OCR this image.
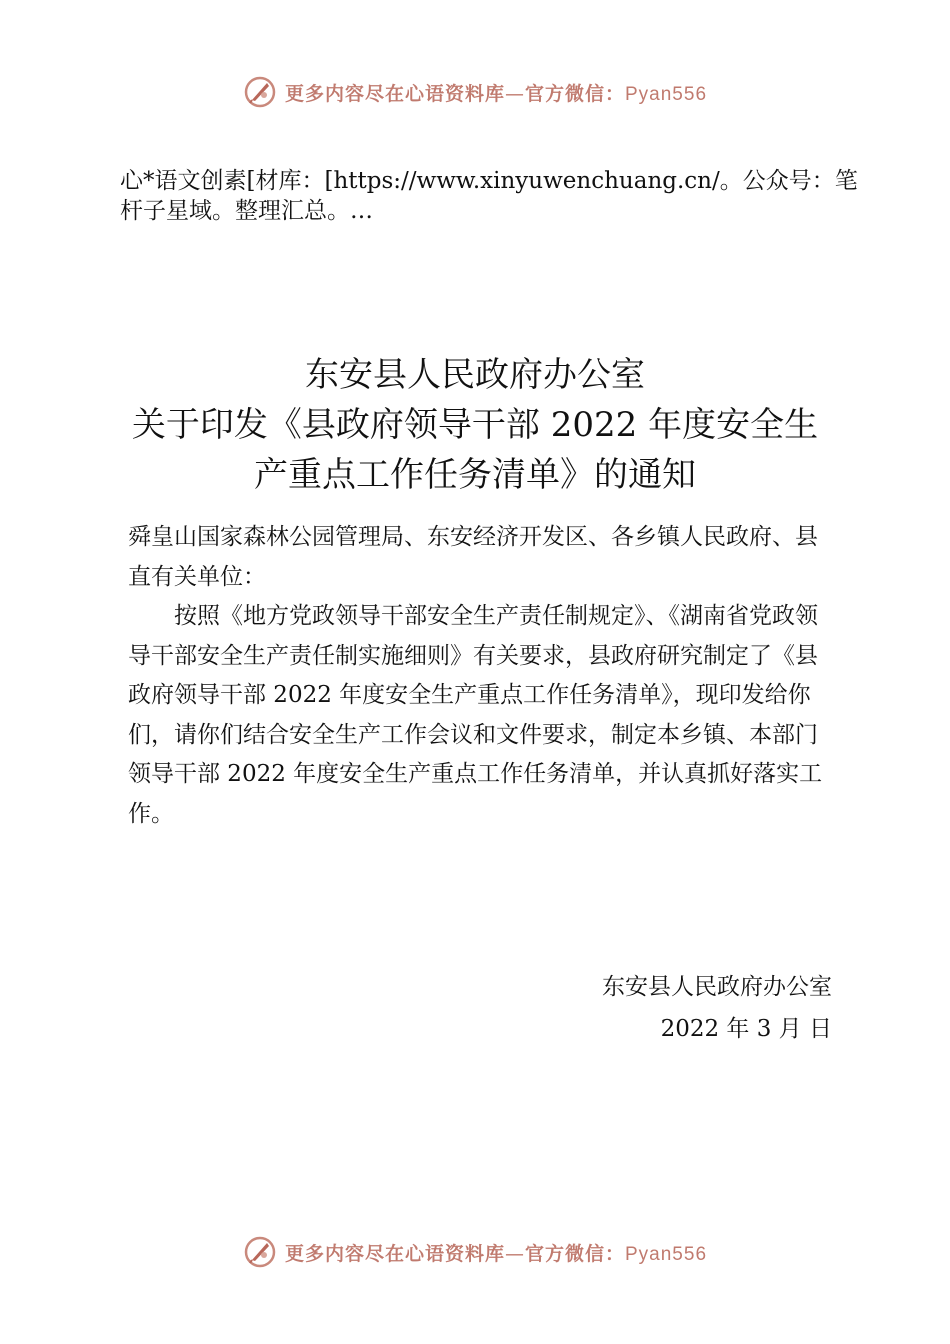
更多内容尽在心语资料库—官方微信：Pyan556
心*语文创素[材库：[https://www.xinyuwenchuang.cn/。公众号：笔杆子星域。整理汇总。…
东安县人民政府办公室
关于印发《县政府领导干部 2022 年度安全生
产重点工作任务清单》的通知

舜皇山国家森林公园管理局、东安经济开发区、各乡镇人民政府、县直有关单位：

按照《地方党政领导干部安全生产责任制规定》、《湖南省党政领导干部安全生产责任制实施细则》有关要求，县政府研究制定了《县政府领导干部 2022 年度安全生产重点工作任务清单》，现印发给你们，请你们结合安全生产工作会议和文件要求，制定本乡镇、本部门领导干部 2022 年度安全生产重点工作任务清单，并认真抓好落实工作。

东安县人民政府办公室
2022 年 3 月 日
更多内容尽在心语资料库—官方微信：Pyan556
